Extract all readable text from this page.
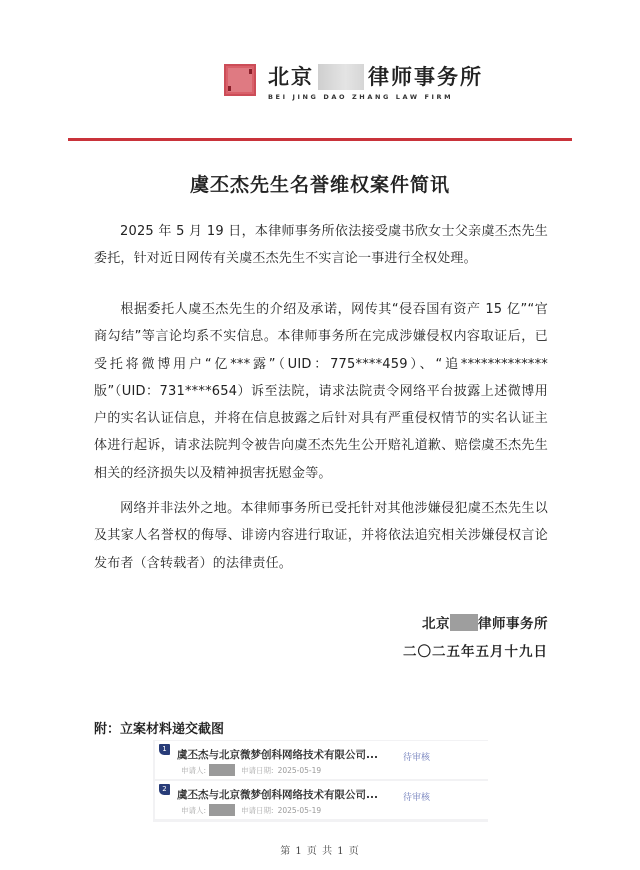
北京	律师事务所
BEI JING DAO ZHANG LAW FIRM
虞丕杰先生名誉维权案件简讯
2025 年 5 月 19 日，本律师事务所依法接受虞书欣女士父亲虞丕杰先生委托，针对近日网传有关虞丕杰先生不实言论一事进行全权处理。
根据委托人虞丕杰先生的介绍及承诺，网传其“侵吞国有资产 15 亿”“官商勾结”等言论均系不实信息。本律师事务所在完成涉嫌侵权内容取证后，已受托将微博用户“亿***露”（UID：775****459）、“追*************版”（UID：731****654）诉至法院，请求法院责令网络平台披露上述微博用户的实名认证信息，并将在信息披露之后针对具有严重侵权情节的实名认证主体进行起诉，请求法院判令被告向虞丕杰先生公开赔礼道歉、赔偿虞丕杰先生相关的经济损失以及精神损害抚慰金等。
网络并非法外之地。本律师事务所已受托针对其他涉嫌侵犯虞丕杰先生以及其家人名誉权的侮辱、诽谤内容进行取证，并将依法追究相关涉嫌侵权言论发布者（含转载者）的法律责任。
北京 律师事务所
二〇二五年五月十九日
附：立案材料递交截图
1 虞丕杰与北京微梦创科网络技术有限公司...
申请人:	申请日期: 2025-05-19
待审核
2 虞丕杰与北京微梦创科网络技术有限公司...
申请人:	申请日期: 2025-05-19
待审核
第 1 页 共 1 页
